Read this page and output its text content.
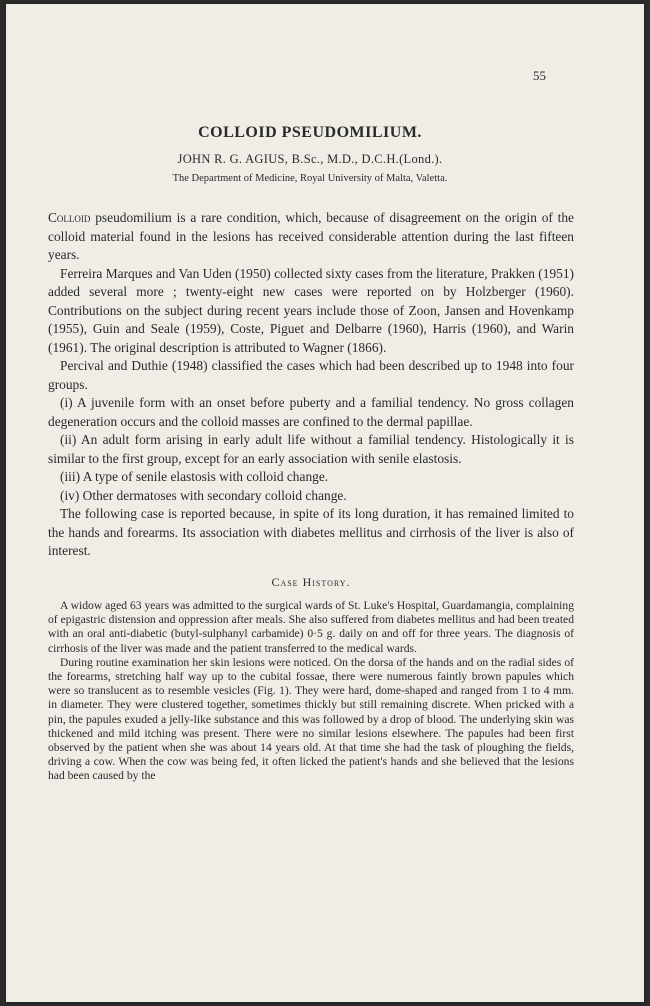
55
COLLOID PSEUDOMILIUM.
JOHN R. G. AGIUS, B.Sc., M.D., D.C.H.(Lond.).
The Department of Medicine, Royal University of Malta, Valetta.

Colloid pseudomilium is a rare condition, which, because of disagreement on the origin of the colloid material found in the lesions has received considerable attention during the last fifteen years.

Ferreira Marques and Van Uden (1950) collected sixty cases from the literature, Prakken (1951) added several more ; twenty-eight new cases were reported on by Holzberger (1960). Contributions on the subject during recent years include those of Zoon, Jansen and Hovenkamp (1955), Guin and Seale (1959), Coste, Piguet and Delbarre (1960), Harris (1960), and Warin (1961). The original description is attributed to Wagner (1866).

Percival and Duthie (1948) classified the cases which had been described up to 1948 into four groups.

(i) A juvenile form with an onset before puberty and a familial tendency. No gross collagen degeneration occurs and the colloid masses are confined to the dermal papillae.

(ii) An adult form arising in early adult life without a familial tendency. Histologically it is similar to the first group, except for an early association with senile elastosis.

(iii) A type of senile elastosis with colloid change.

(iv) Other dermatoses with secondary colloid change.

The following case is reported because, in spite of its long duration, it has remained limited to the hands and forearms. Its association with diabetes mellitus and cirrhosis of the liver is also of interest.

Case History.

A widow aged 63 years was admitted to the surgical wards of St. Luke's Hospital, Guardamangia, complaining of epigastric distension and oppression after meals. She also suffered from diabetes mellitus and had been treated with an oral anti-diabetic (butyl-sulphanyl carbamide) 0·5 g. daily on and off for three years. The diagnosis of cirrhosis of the liver was made and the patient transferred to the medical wards.

During routine examination her skin lesions were noticed. On the dorsa of the hands and on the radial sides of the forearms, stretching half way up to the cubital fossae, there were numerous faintly brown papules which were so translucent as to resemble vesicles (Fig. 1). They were hard, dome-shaped and ranged from 1 to 4 mm. in diameter. They were clustered together, sometimes thickly but still remaining discrete. When pricked with a pin, the papules exuded a jelly-like substance and this was followed by a drop of blood. The underlying skin was thickened and mild itching was present. There were no similar lesions elsewhere. The papules had been first observed by the patient when she was about 14 years old. At that time she had the task of ploughing the fields, driving a cow. When the cow was being fed, it often licked the patient's hands and she believed that the lesions had been caused by the
